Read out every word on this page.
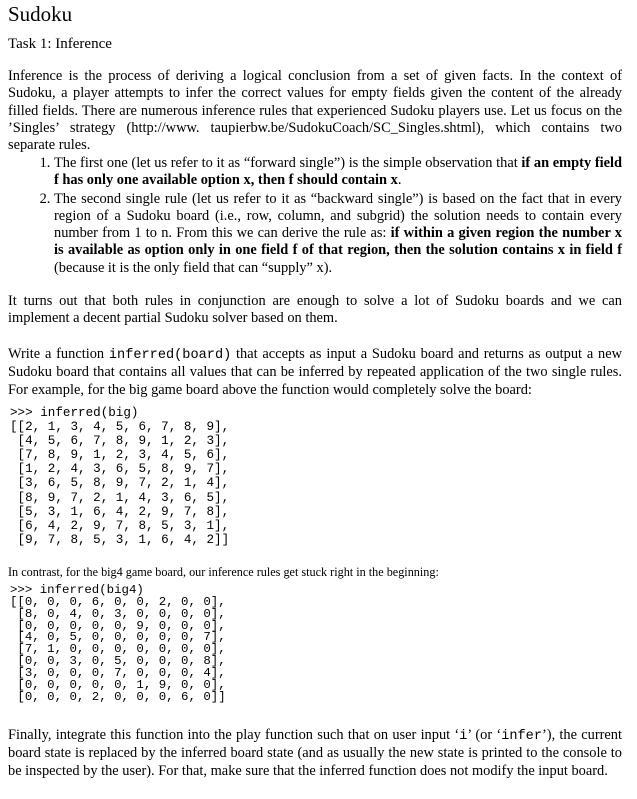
Sudoku
Task 1: Inference
Inference is the process of deriving a logical conclusion from a set of given facts. In the context of Sudoku, a player attempts to infer the correct values for empty fields given the content of the already filled fields. There are numerous inference rules that experienced Sudoku players use. Let us focus on the ’Singles’ strategy (http://www. taupierbw.be/SudokuCoach/SC_Singles.shtml), which contains two separate rules.
1. The first one (let us refer to it as “forward single”) is the simple observation that if an empty field f has only one available option x, then f should contain x.
2. The second single rule (let us refer to it as “backward single”) is based on the fact that in every region of a Sudoku board (i.e., row, column, and subgrid) the solution needs to contain every number from 1 to n. From this we can derive the rule as: if within a given region the number x is available as option only in one field f of that region, then the solution contains x in field f (because it is the only field that can “supply” x).
It turns out that both rules in conjunction are enough to solve a lot of Sudoku boards and we can implement a decent partial Sudoku solver based on them.
Write a function inferred(board) that accepts as input a Sudoku board and returns as output a new Sudoku board that contains all values that can be inferred by repeated application of the two single rules. For example, for the big game board above the function would completely solve the board:
>>> inferred(big)
[[2, 1, 3, 4, 5, 6, 7, 8, 9],
[4, 5, 6, 7, 8, 9, 1, 2, 3],
[7, 8, 9, 1, 2, 3, 4, 5, 6],
[1, 2, 4, 3, 6, 5, 8, 9, 7],
[3, 6, 5, 8, 9, 7, 2, 1, 4],
[8, 9, 7, 2, 1, 4, 3, 6, 5],
[5, 3, 1, 6, 4, 2, 9, 7, 8],
[6, 4, 2, 9, 7, 8, 5, 3, 1],
[9, 7, 8, 5, 3, 1, 6, 4, 2]]
In contrast, for the big4 game board, our inference rules get stuck right in the beginning:
>>> inferred(big4)
[[0, 0, 0, 6, 0, 0, 2, 0, 0],
[8, 0, 4, 0, 3, 0, 0, 0, 0],
[0, 0, 0, 0, 0, 9, 0, 0, 0],
[4, 0, 5, 0, 0, 0, 0, 0, 7],
[7, 1, 0, 0, 0, 0, 0, 0, 0],
[0, 0, 3, 0, 5, 0, 0, 0, 8],
[3, 0, 0, 0, 7, 0, 0, 0, 4],
[0, 0, 0, 0, 0, 1, 9, 0, 0],
[0, 0, 0, 2, 0, 0, 0, 6, 0]]
Finally, integrate this function into the play function such that on user input ‘i’ (or ‘infer’), the current board state is replaced by the inferred board state (and as usually the new state is printed to the console to be inspected by the user). For that, make sure that the inferred function does not modify the input board.
